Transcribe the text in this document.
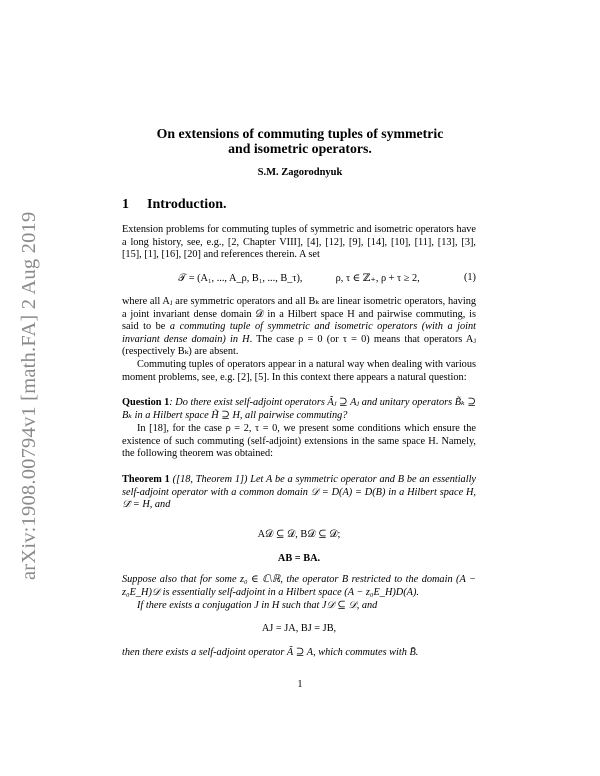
arXiv:1908.00794v1 [math.FA] 2 Aug 2019
On extensions of commuting tuples of symmetric
and isometric operators.
S.M. Zagorodnyuk
1 Introduction.
Extension problems for commuting tuples of symmetric and isometric operators have a long history, see, e.g., [2, Chapter VIII], [4], [12], [9], [14], [10], [11], [13], [3], [15], [1], [16], [20] and references therein. A set
𝒯 = (A₁, ..., A_ρ, B₁, ..., B_τ),	ρ, τ ∈ ℤ₊, ρ + τ ≥ 2,	(1)
where all Aⱼ are symmetric operators and all Bₖ are linear isometric operators, having a joint invariant dense domain 𝒟 in a Hilbert space H and pairwise commuting, is said to be a commuting tuple of symmetric and isometric operators (with a joint invariant dense domain) in H. The case ρ = 0 (or τ = 0) means that operators Aⱼ (respectively Bₖ) are absent.
Commuting tuples of operators appear in a natural way when dealing with various moment problems, see, e.g. [2], [5]. In this context there appears a natural question:
Question 1: Do there exist self-adjoint operators Ãⱼ ⊇ Aⱼ and unitary operators B̃ₖ ⊇ Bₖ in a Hilbert space H̃ ⊇ H, all pairwise commuting?
In [18], for the case ρ = 2, τ = 0, we present some conditions which ensure the existence of such commuting (self-adjoint) extensions in the same space H. Namely, the following theorem was obtained:
Theorem 1 ([18, Theorem 1]) Let A be a symmetric operator and B be an essentially self-adjoint operator with a common domain 𝒟 = D(A) = D(B) in a Hilbert space H, 𝒟̄ = H, and
A𝒟 ⊆ 𝒟, B𝒟 ⊆ 𝒟;
AB = BA.
Suppose also that for some z₀ ∈ ℂ\ℝ, the operator B restricted to the domain (A − z₀E_H)𝒟 is essentially self-adjoint in a Hilbert space (A − z₀E_H)D(A).
If there exists a conjugation J in H such that J𝒟 ⊆ 𝒟, and
AJ = JA, BJ = JB,
then there exists a self-adjoint operator Ã ⊇ A, which commutes with B̄.
1
